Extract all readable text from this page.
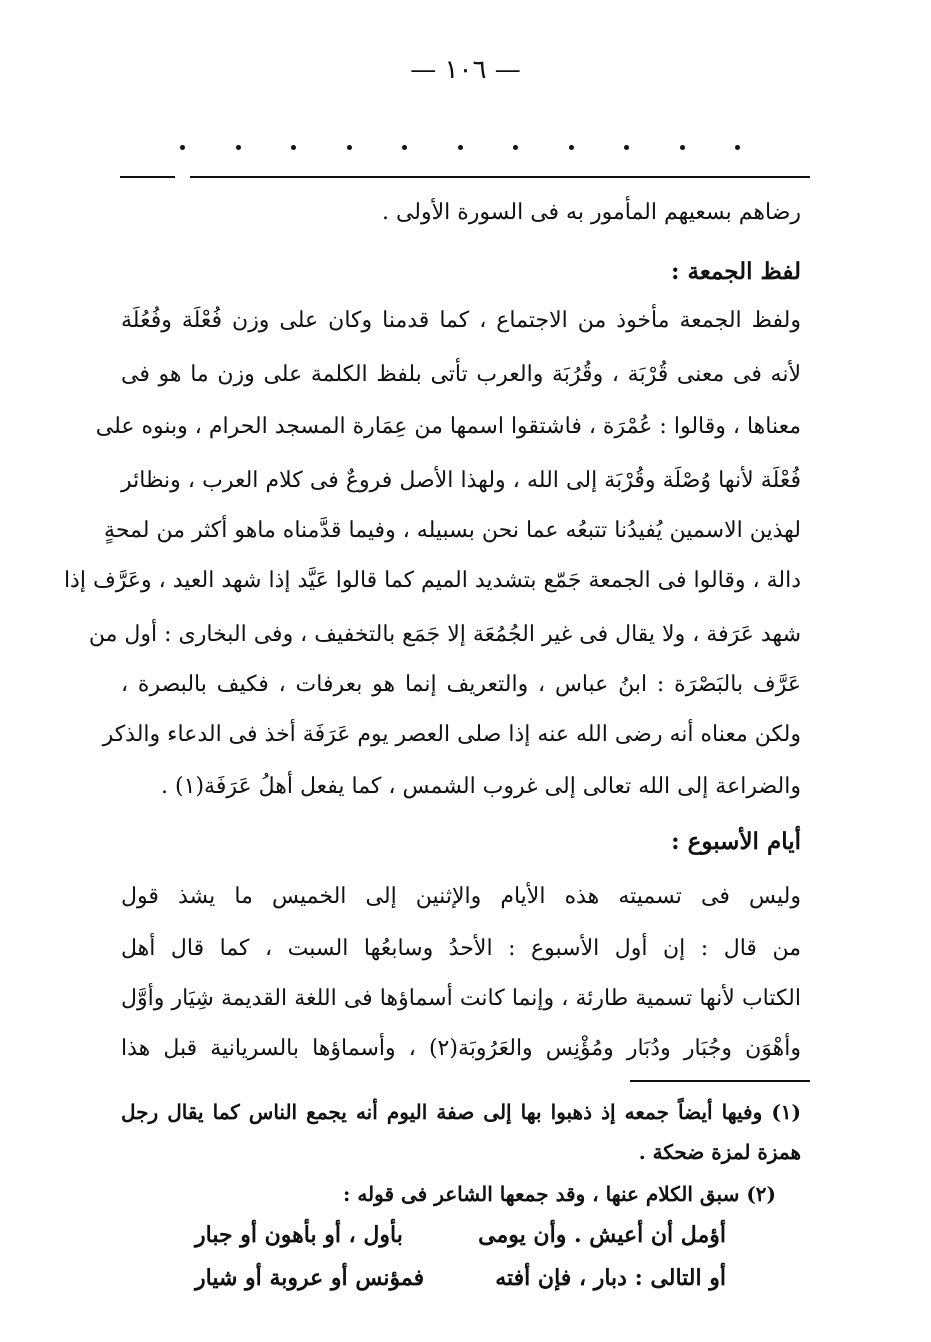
— ١٠٦ —
رضاهم بسعيهم المأمور به فى السورة الأولى .
لفظ الجمعة :
ولفظ الجمعة مأخوذ من الاجتماع ، كما قدمنا وكان على وزن فُعْلَة وفُعُلَة
لأنه فى معنى قُرْبَة ، وقُرُبَة والعرب تأتى بلفظ الكلمة على وزن ما هو فى
معناها ، وقالوا : عُمْرَة ، فاشتقوا اسمها من عِمَارة المسجد الحرام ، وبنوه على
فُعْلَة لأنها وُصْلَة وقُرْبَة إلى الله ، ولهذا الأصل فروعٌ فى كلام العرب ، ونظائر
لهذين الاسمين يُفيدُنا تتبعُه عما نحن بسبيله ، وفيما قدَّمناه ماهو أكثر من لمحةٍ
دالة ، وقالوا فى الجمعة جَمّع بتشديد الميم كما قالوا عَيَّد إذا شهد العيد ، وعَرَّف إذا
شهد عَرَفة ، ولا يقال فى غير الجُمُعَة إلا جَمَع بالتخفيف ، وفى البخارى : أول من
عَرَّف بالبَصْرَة : ابنُ عباس ، والتعريف إنما هو بعرفات ، فكيف بالبصرة ،
ولكن معناه أنه رضى الله عنه إذا صلى العصر يوم عَرَفَة أخذ فى الدعاء والذكر
والضراعة إلى الله تعالى إلى غروب الشمس ، كما يفعل أهلُ عَرَفَة(١) .
أيام الأسبوع :
وليس فى تسميته هذه الأيام والإثنين إلى الخميس ما يشذ قول
من قال : إن أول الأسبوع : الأحدُ وسابعُها السبت ، كما قال أهل
الكتاب لأنها تسمية طارئة ، وإنما كانت أسماؤها فى اللغة القديمة شِيَار وأوَّل
وأهْوَن وجُبَار ودُبَار ومُؤْنِس والعَرُوبَة(٢) ، وأسماؤها بالسريانية قبل هذا
(١) وفيها أيضاً جمعه إذ ذهبوا بها إلى صفة اليوم أنه يجمع الناس كما يقال رجل
همزة لمزة ضحكة .
(٢) سبق الكلام عنها ، وقد جمعها الشاعر فى قوله :
أؤمل أن أعيش . وأن يومى
بأول ، أو بأهون أو جبار
أو التالى : دبار ، فإن أفته
فمؤنس أو عروبة أو شيار
